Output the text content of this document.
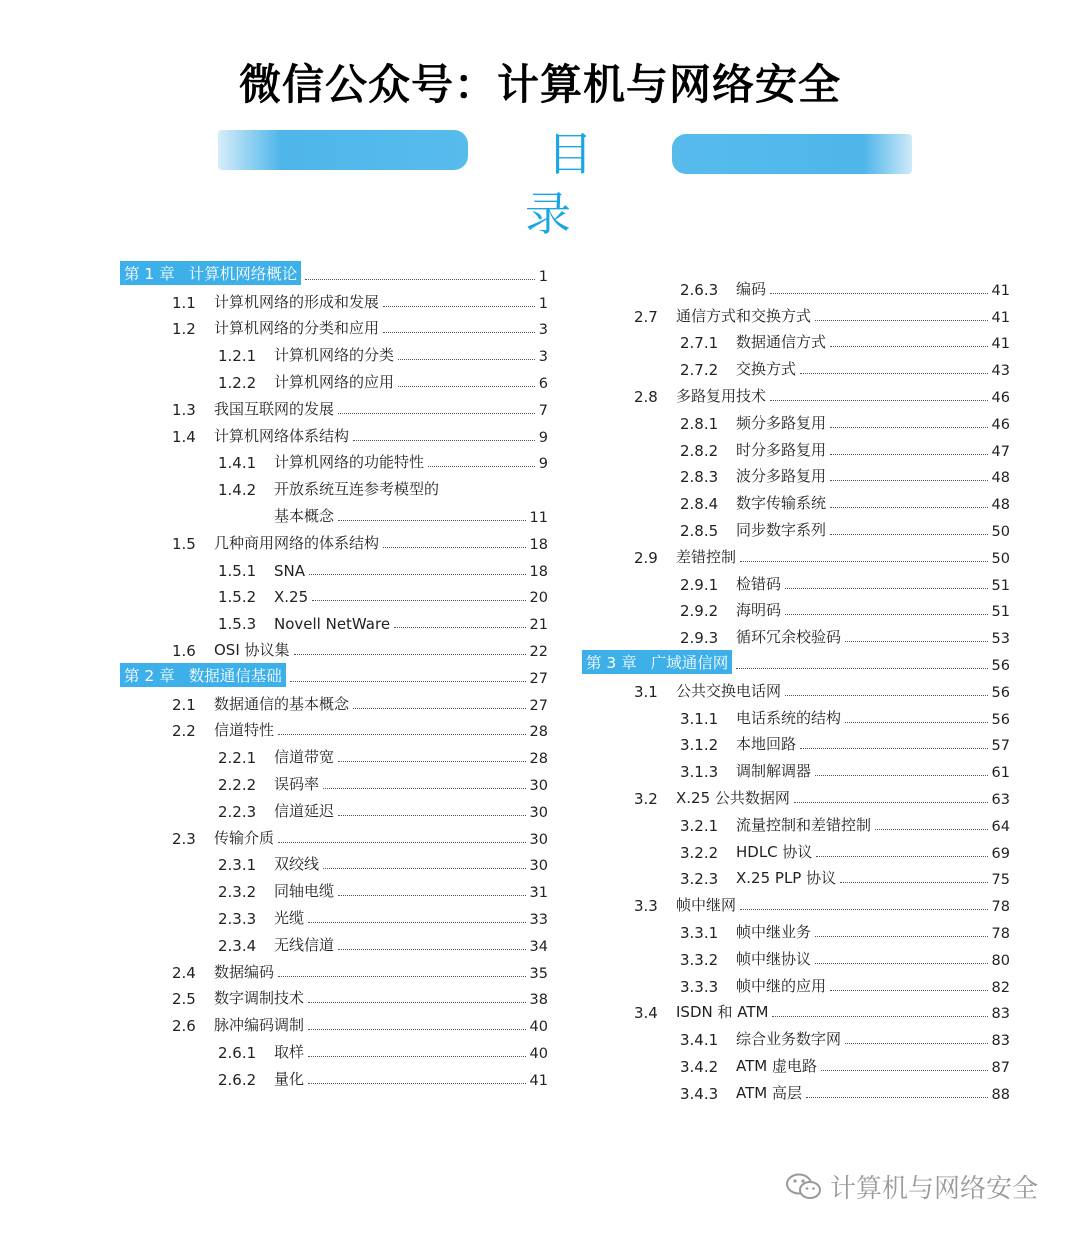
微信公众号：计算机与网络安全
目录
第 1 章 计算机网络概论	1
1.1	计算机网络的形成和发展	1
1.2	计算机网络的分类和应用	3
1.2.1	计算机网络的分类	3
1.2.2	计算机网络的应用	6
1.3	我国互联网的发展	7
1.4	计算机网络体系结构	9
1.4.1	计算机网络的功能特性	9
1.4.2	开放系统互连参考模型的
基本概念	11
1.5	几种商用网络的体系结构	18
1.5.1	SNA	18
1.5.2	X.25	20
1.5.3	Novell NetWare	21
1.6	OSI 协议集	22
第 2 章 数据通信基础	27
2.1	数据通信的基本概念	27
2.2	信道特性	28
2.2.1	信道带宽	28
2.2.2	误码率	30
2.2.3	信道延迟	30
2.3	传输介质	30
2.3.1	双绞线	30
2.3.2	同轴电缆	31
2.3.3	光缆	33
2.3.4	无线信道	34
2.4	数据编码	35
2.5	数字调制技术	38
2.6	脉冲编码调制	40
2.6.1	取样	40
2.6.2	量化	41
2.6.3	编码	41
2.7	通信方式和交换方式	41
2.7.1	数据通信方式	41
2.7.2	交换方式	43
2.8	多路复用技术	46
2.8.1	频分多路复用	46
2.8.2	时分多路复用	47
2.8.3	波分多路复用	48
2.8.4	数字传输系统	48
2.8.5	同步数字系列	50
2.9	差错控制	50
2.9.1	检错码	51
2.9.2	海明码	51
2.9.3	循环冗余校验码	53
第 3 章 广域通信网	56
3.1	公共交换电话网	56
3.1.1	电话系统的结构	56
3.1.2	本地回路	57
3.1.3	调制解调器	61
3.2	X.25 公共数据网	63
3.2.1	流量控制和差错控制	64
3.2.2	HDLC 协议	69
3.2.3	X.25 PLP 协议	75
3.3	帧中继网	78
3.3.1	帧中继业务	78
3.3.2	帧中继协议	80
3.3.3	帧中继的应用	82
3.4	ISDN 和 ATM	83
3.4.1	综合业务数字网	83
3.4.2	ATM 虚电路	87
3.4.3	ATM 高层	88
计算机与网络安全
